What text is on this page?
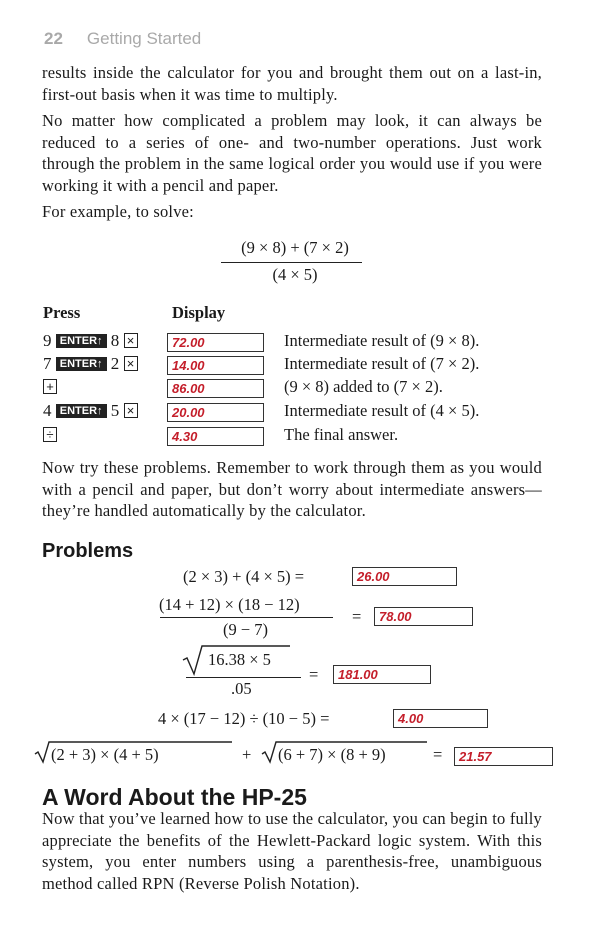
22 Getting Started
results inside the calculator for you and brought them out on a last-in, first-out basis when it was time to multiply.
No matter how complicated a problem may look, it can always be reduced to a series of one- and two-number operations. Just work through the problem in the same logical order you would use if you were working it with a pencil and paper.
For example, to solve:
(9 × 8) + (7 × 2)
(4 × 5)
Press	Display
9 ENTER↑ 8 ×	72.00	Intermediate result of (9 × 8).
7 ENTER↑ 2 ×	14.00	Intermediate result of (7 × 2).
+	86.00	(9 × 8) added to (7 × 2).
4 ENTER↑ 5 ×	20.00	Intermediate result of (4 × 5).
÷	4.30	The final answer.
Now try these problems. Remember to work through them as you would with a pencil and paper, but don’t worry about intermediate answers—they’re handled automatically by the calculator.
Problems
(2 × 3) + (4 × 5) =	26.00
(14 + 12) × (18 − 12)
(9 − 7)
= 78.00
16.38 × 5
.05
= 181.00
4 × (17 − 12) ÷ (10 − 5) =	4.00
(2 + 3) × (4 + 5)	+ (6 + 7) × (8 + 9)	= 21.57
A Word About the HP-25
Now that you’ve learned how to use the calculator, you can begin to fully appreciate the benefits of the Hewlett-Packard logic system. With this system, you enter numbers using a parenthesis-free, unambiguous method called RPN (Reverse Polish Notation).
